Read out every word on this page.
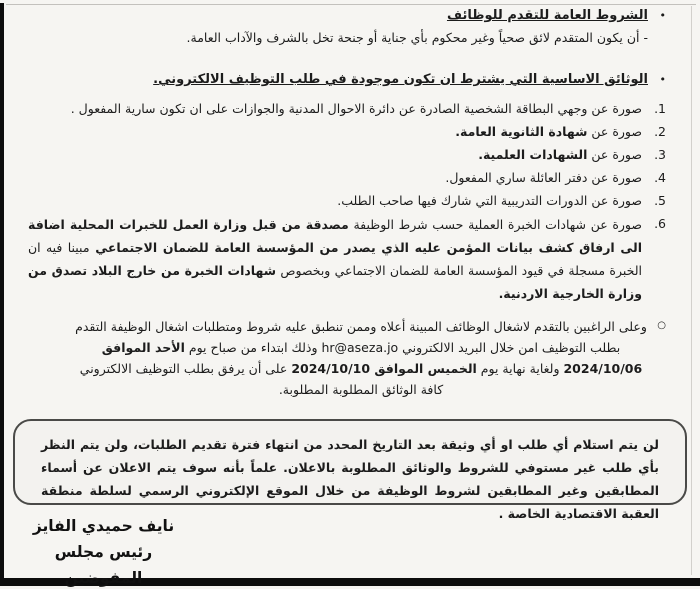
•
الشروط العامة للتقدم للوظائف
- أن يكون المتقدم لائق صحياً وغير محكوم بأي جناية أو جنحة تخل بالشرف والآداب العامة.
•
الوثائق الاساسية التي يشترط ان تكون موجودة في طلب التوظيف الالكتروني.
1.
صورة عن وجهي البطاقة الشخصية الصادرة عن دائرة الاحوال المدنية والجوازات على ان تكون سارية المفعول .
2.
صورة عن شهادة الثانوية العامة.
3.
صورة عن الشهادات العلمية.
4.
صورة عن دفتر العائلة ساري المفعول.
5.
صورة عن الدورات التدريبية التي شارك فيها صاحب الطلب.
6.
صورة عن شهادات الخبرة العملية حسب شرط الوظيفة مصدقة من قبل وزارة العمل للخبرات المحلية اضافة الى ارفاق كشف بيانات المؤمن عليه الذي يصدر من المؤسسة العامة للضمان الاجتماعي مبينا فيه ان الخبرة مسجلة في قيود المؤسسة العامة للضمان الاجتماعي وبخصوص شهادات الخبرة من خارج البلاد تصدق من وزارة الخارجية الاردنية.
○
وعلى الراغبين بالتقدم لاشغال الوظائف المبينة أعلاه وممن تنطبق عليه شروط ومتطلبات اشغال الوظيفة التقدم بطلب التوظيف امن خلال البريد الالكتروني hr@aseza.jo وذلك ابتداء من صباح يوم الأحد الموافق 2024/10/06 ولغاية نهاية يوم الخميس الموافق 2024/10/10 على أن يرفق بطلب التوظيف الالكتروني كافة الوثائق المطلوبة المطلوبة.
لن يتم استلام أي طلب او أي وثيقة بعد التاريخ المحدد من انتهاء فترة تقديم الطلبات، ولن يتم النظر بأي طلب غير مستوفي للشروط والوثائق المطلوبة بالاعلان. علماً بأنه سوف يتم الاعلان عن أسماء المطابقين وغير المطابقين لشروط الوظيفة من خلال الموقع الإلكتروني الرسمي لسلطة منطقة العقبة الاقتصادية الخاصة .
نايف حميدي الفايز
رئيس مجلس المفوضين
